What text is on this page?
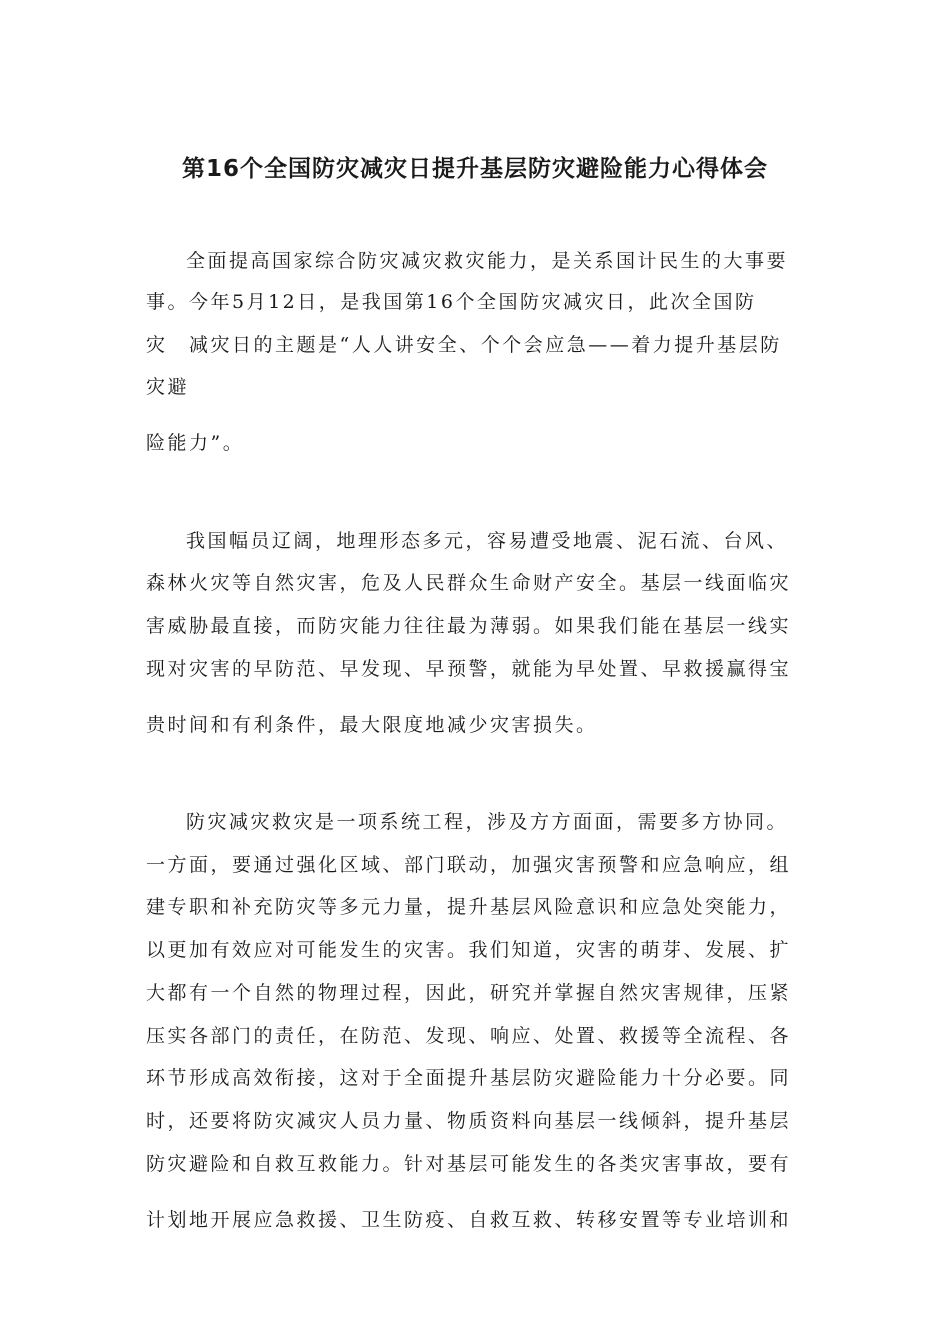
第16个全国防灾减灾日提升基层防灾避险能力心得体会
全面提高国家综合防灾减灾救灾能力，是关系国计民生的大事要
事。今年5月12日，是我国第16个全国防灾减灾日，此次全国防
灾　减灾日的主题是“人人讲安全、个个会应急——着力提升基层防
灾避
险能力”。
我国幅员辽阔，地理形态多元，容易遭受地震、泥石流、台风、
森林火灾等自然灾害，危及人民群众生命财产安全。基层一线面临灾
害威胁最直接，而防灾能力往往最为薄弱。如果我们能在基层一线实
现对灾害的早防范、早发现、早预警，就能为早处置、早救援赢得宝
贵时间和有利条件，最大限度地减少灾害损失。
防灾减灾救灾是一项系统工程，涉及方方面面，需要多方协同。
一方面，要通过强化区域、部门联动，加强灾害预警和应急响应，组
建专职和补充防灾等多元力量，提升基层风险意识和应急处突能力，
以更加有效应对可能发生的灾害。我们知道，灾害的萌芽、发展、扩
大都有一个自然的物理过程，因此，研究并掌握自然灾害规律，压紧
压实各部门的责任，在防范、发现、响应、处置、救援等全流程、各
环节形成高效衔接，这对于全面提升基层防灾避险能力十分必要。同
时，还要将防灾减灾人员力量、物质资料向基层一线倾斜，提升基层
防灾避险和自救互救能力。针对基层可能发生的各类灾害事故，要有
计划地开展应急救援、卫生防疫、自救互救、转移安置等专业培训和
